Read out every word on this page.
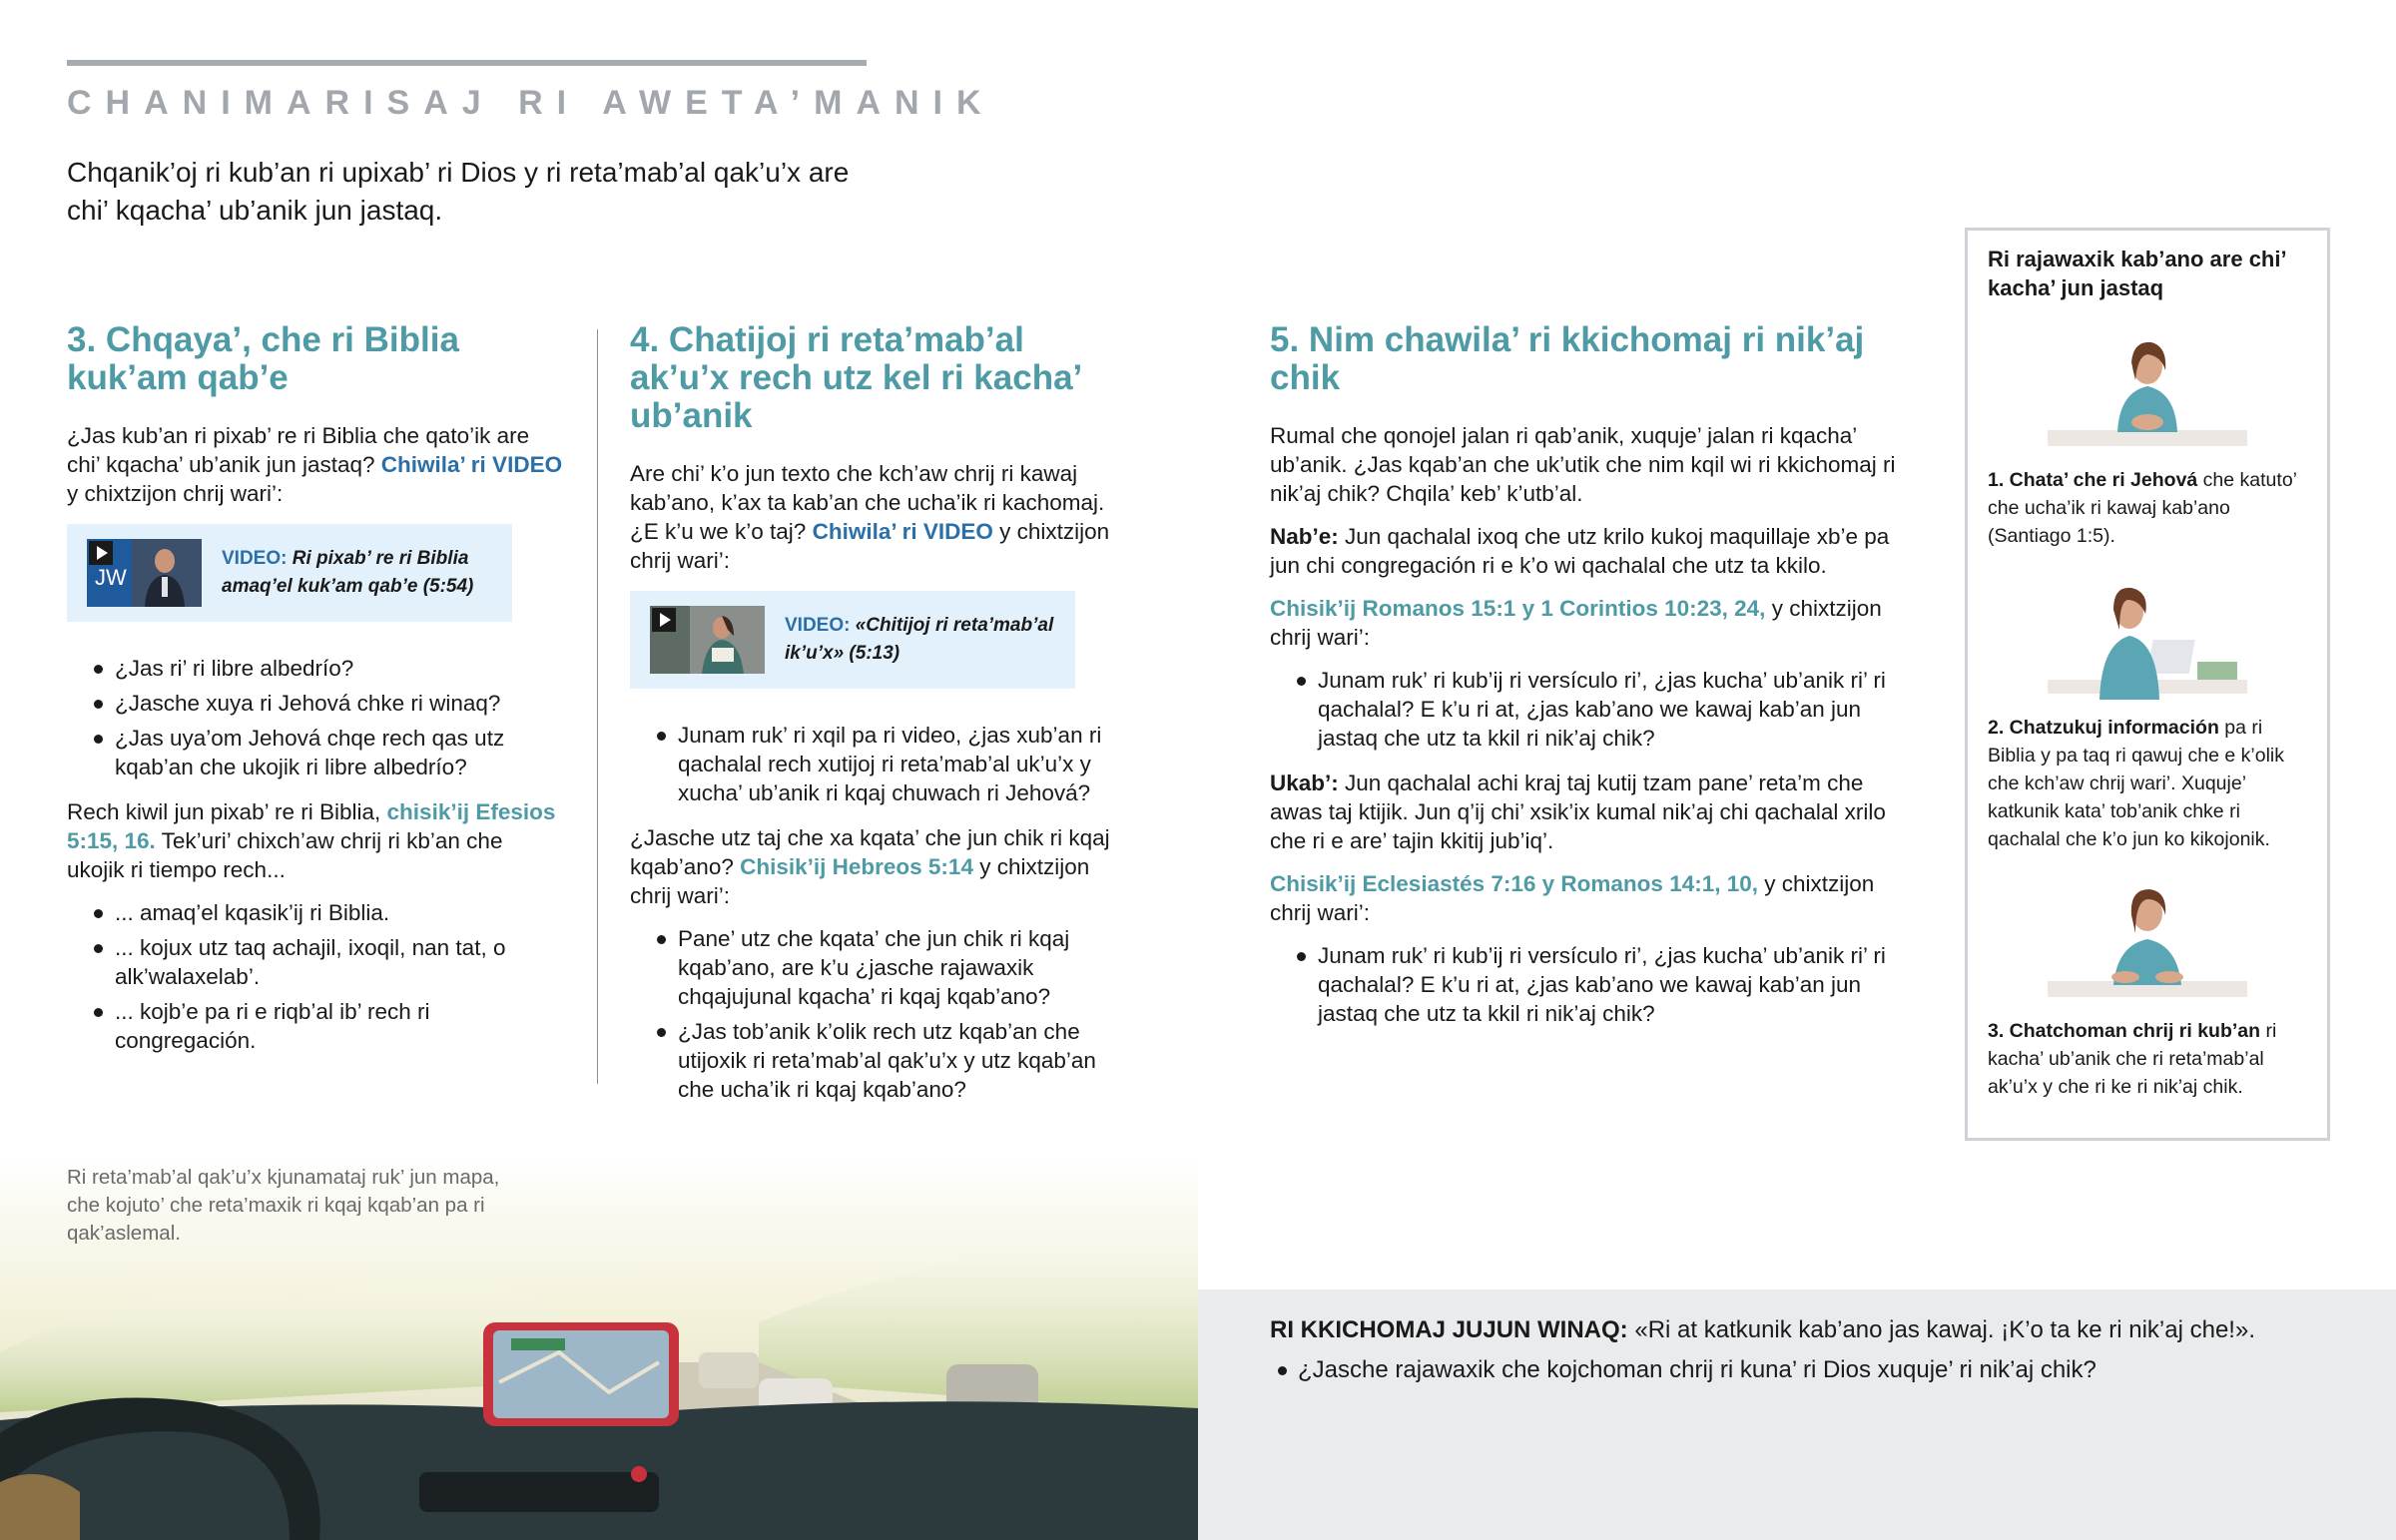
CHANIMARISAJ RI AWETA’MANIK

Chqanik’oj ri kub’an ri upixab’ ri Dios y ri reta’mab’al qak’u’x are chi’ kqacha’ ub’anik jun jastaq.

3. Chqaya’, che ri Biblia kuk’am qab’e

¿Jas kub’an ri pixab’ re ri Biblia che qato’ik are chi’ kqacha’ ub’anik jun jastaq? Chiwila’ ri VIDEO y chixtzijon chrij wari’:

JW
VIDEO: Ri pixab’ re ri Biblia amaq’el kuk’am qab’e (5:54)
¿Jas ri’ ri libre albedrío?
¿Jasche xuya ri Jehová chke ri winaq?
¿Jas uya’om Jehová chqe rech qas utz kqab’an che ukojik ri libre albedrío?

Rech kiwil jun pixab’ re ri Biblia, chisik’ij Efesios 5:15, 16. Tek’uri’ chixch’aw chrij ri kb’an che ukojik ri tiempo rech...

... amaq’el kqasik’ij ri Biblia.
... kojux utz taq achajil, ixoqil, nan tat, o alk’walaxelab’.
... kojb’e pa ri e riqb’al ib’ rech ri congregación.
4. Chatijoj ri reta’mab’al ak’u’x rech utz kel ri kacha’ ub’anik

Are chi’ k’o jun texto che kch’aw chrij ri kawaj kab’ano, k’ax ta kab’an che ucha’ik ri kachomaj. ¿E k’u we k’o taj? Chiwila’ ri VIDEO y chixtzijon chrij wari’:

VIDEO: «Chitijoj ri reta’mab’al ik’u’x» (5:13)
Junam ruk’ ri xqil pa ri video, ¿jas xub’an ri qachalal rech xutijoj ri reta’mab’al uk’u’x y xucha’ ub’anik ri kqaj chuwach ri Jehová?

¿Jasche utz taj che xa kqata’ che jun chik ri kqaj kqab’ano? Chisik’ij Hebreos 5:14 y chixtzijon chrij wari’:

Pane’ utz che kqata’ che jun chik ri kqaj kqab’ano, are k’u ¿jasche rajawaxik chqajujunal kqacha’ ri kqaj kqab’ano?
¿Jas tob’anik k’olik rech utz kqab’an che utijoxik ri reta’mab’al qak’u’x y utz kqab’an che ucha’ik ri kqaj kqab’ano?
5. Nim chawila’ ri kkichomaj ri nik’aj chik

Rumal che qonojel jalan ri qab’anik, xuquje’ jalan ri kqacha’ ub’anik. ¿Jas kqab’an che uk’utik che nim kqil wi ri kkichomaj ri nik’aj chik? Chqila’ keb’ k’utb’al.

Nab’e: Jun qachalal ixoq che utz krilo kukoj maquillaje xb’e pa jun chi congregación ri e k’o wi qachalal che utz ta kkilo.

Chisik’ij Romanos 15:1 y 1 Corintios 10:23, 24, y chixtzijon chrij wari’:

Junam ruk’ ri kub’ij ri versículo ri’, ¿jas kucha’ ub’anik ri’ ri qachalal? E k’u ri at, ¿jas kab’ano we kawaj kab’an jun jastaq che utz ta kkil ri nik’aj chik?

Ukab’: Jun qachalal achi kraj taj kutij tzam pane’ reta’m che awas taj ktijik. Jun q’ij chi’ xsik’ix kumal nik’aj chi qachalal xrilo che ri e are’ tajin kkitij jub’iq’.

Chisik’ij Eclesiastés 7:16 y Romanos 14:1, 10, y chixtzijon chrij wari’:

Junam ruk’ ri kub’ij ri versículo ri’, ¿jas kucha’ ub’anik ri’ ri qachalal? E k’u ri at, ¿jas kab’ano we kawaj kab’an jun jastaq che utz ta kkil ri nik’aj chik?
Ri rajawaxik kab’ano are chi’ kacha’ jun jastaq

1. Chata’ che ri Jehová che katuto’ che ucha’ik ri kawaj kab’ano (Santiago 1:5).

2. Chatzukuj información pa ri Biblia y pa taq ri qawuj che e k’olik che kch’aw chrij wari’. Xuquje’ katkunik kata’ tob’anik chke ri qachalal che k’o jun ko kikojonik.

3. Chatchoman chrij ri kub’an ri kacha’ ub’anik che ri reta’mab’al ak’u’x y che ri ke ri nik’aj chik.

Ri reta’mab’al qak’u’x kjunamataj ruk’ jun mapa, che kojuto’ che reta’maxik ri kqaj kqab’an pa ri qak’aslemal.

RI KKICHOMAJ JUJUN WINAQ: «Ri at katkunik kab’ano jas kawaj. ¡K’o ta ke ri nik’aj che!».

¿Jasche rajawaxik che kojchoman chrij ri kuna’ ri Dios xuquje’ ri nik’aj chik?
